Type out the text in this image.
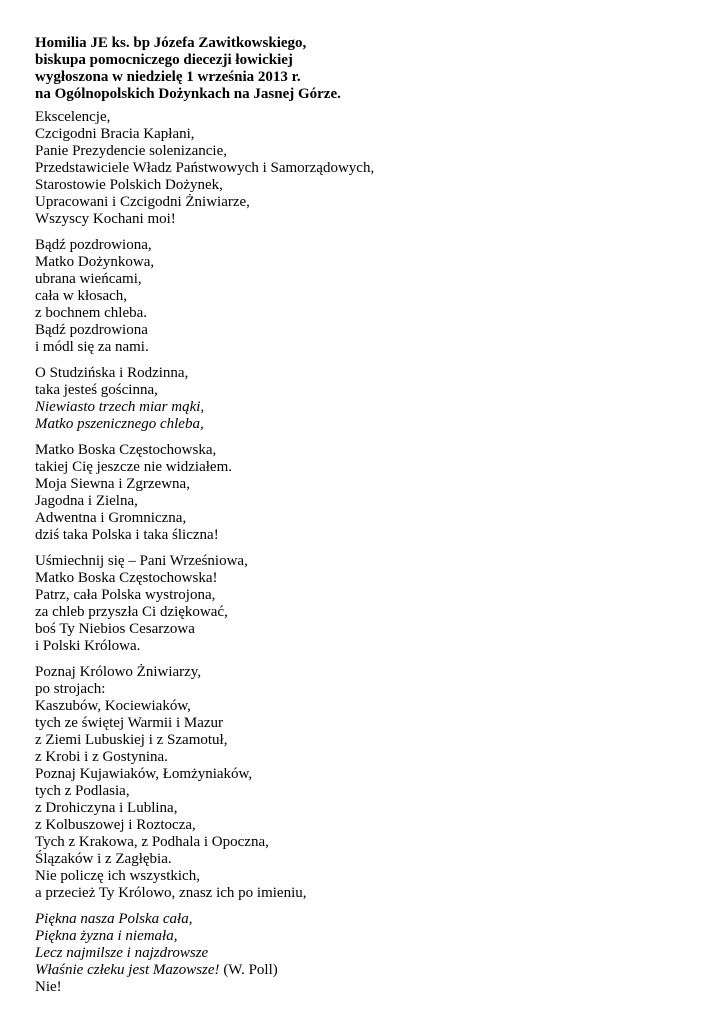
Homilia JE ks. bp Józefa Zawitkowskiego,
biskupa pomocniczego diecezji łowickiej
wygłoszona w niedzielę 1 września 2013 r.
na Ogólnopolskich Dożynkach na Jasnej Górze.
Ekscelencje,
Czcigodni Bracia Kapłani,
Panie Prezydencie solenizancie,
Przedstawiciele Władz Państwowych i Samorządowych,
Starostowie Polskich Dożynek,
Upracowani i Czcigodni Żniwiarze,
Wszyscy Kochani moi!
Bądź pozdrowiona,
Matko Dożynkowa,
ubrana wieńcami,
cała w kłosach,
z bochnem chleba.
Bądź pozdrowiona
i módl się za nami.
O Studzińska i Rodzinna,
taka jesteś gościnna,
Niewiasto trzech miar mąki,
Matko pszenicznego chleba,
Matko Boska Częstochowska,
takiej Cię jeszcze nie widziałem.
Moja Siewna i Zgrzewna,
Jagodna i Zielna,
Adwentna i Gromniczna,
dziś taka Polska i taka śliczna!
Uśmiechnij się – Pani Wrześniowa,
Matko Boska Częstochowska!
Patrz, cała Polska wystrojona,
za chleb przyszła Ci dziękować,
boś Ty Niebios Cesarzowa
i Polski Królowa.
Poznaj Królowo Żniwiarzy,
po strojach:
Kaszubów, Kociewiaków,
tych ze świętej Warmii i Mazur
z Ziemi Lubuskiej i z Szamotuł,
z Krobi i z Gostynina.
Poznaj Kujawiaków, Łomżyniaków,
tych z Podlasia,
z Drohiczyna i Lublina,
z Kolbuszowej i Roztocza,
Tych z Krakowa, z Podhala i Opoczna,
Ślązaków i z Zagłębia.
Nie policzę ich wszystkich,
a przecież Ty Królowo, znasz ich po imieniu,
Piękna nasza Polska cała,
Piękna żyzna i niemała,
Lecz najmilsze i najzdrowsze
Właśnie człeku jest Mazowsze! (W. Poll)
Nie!
